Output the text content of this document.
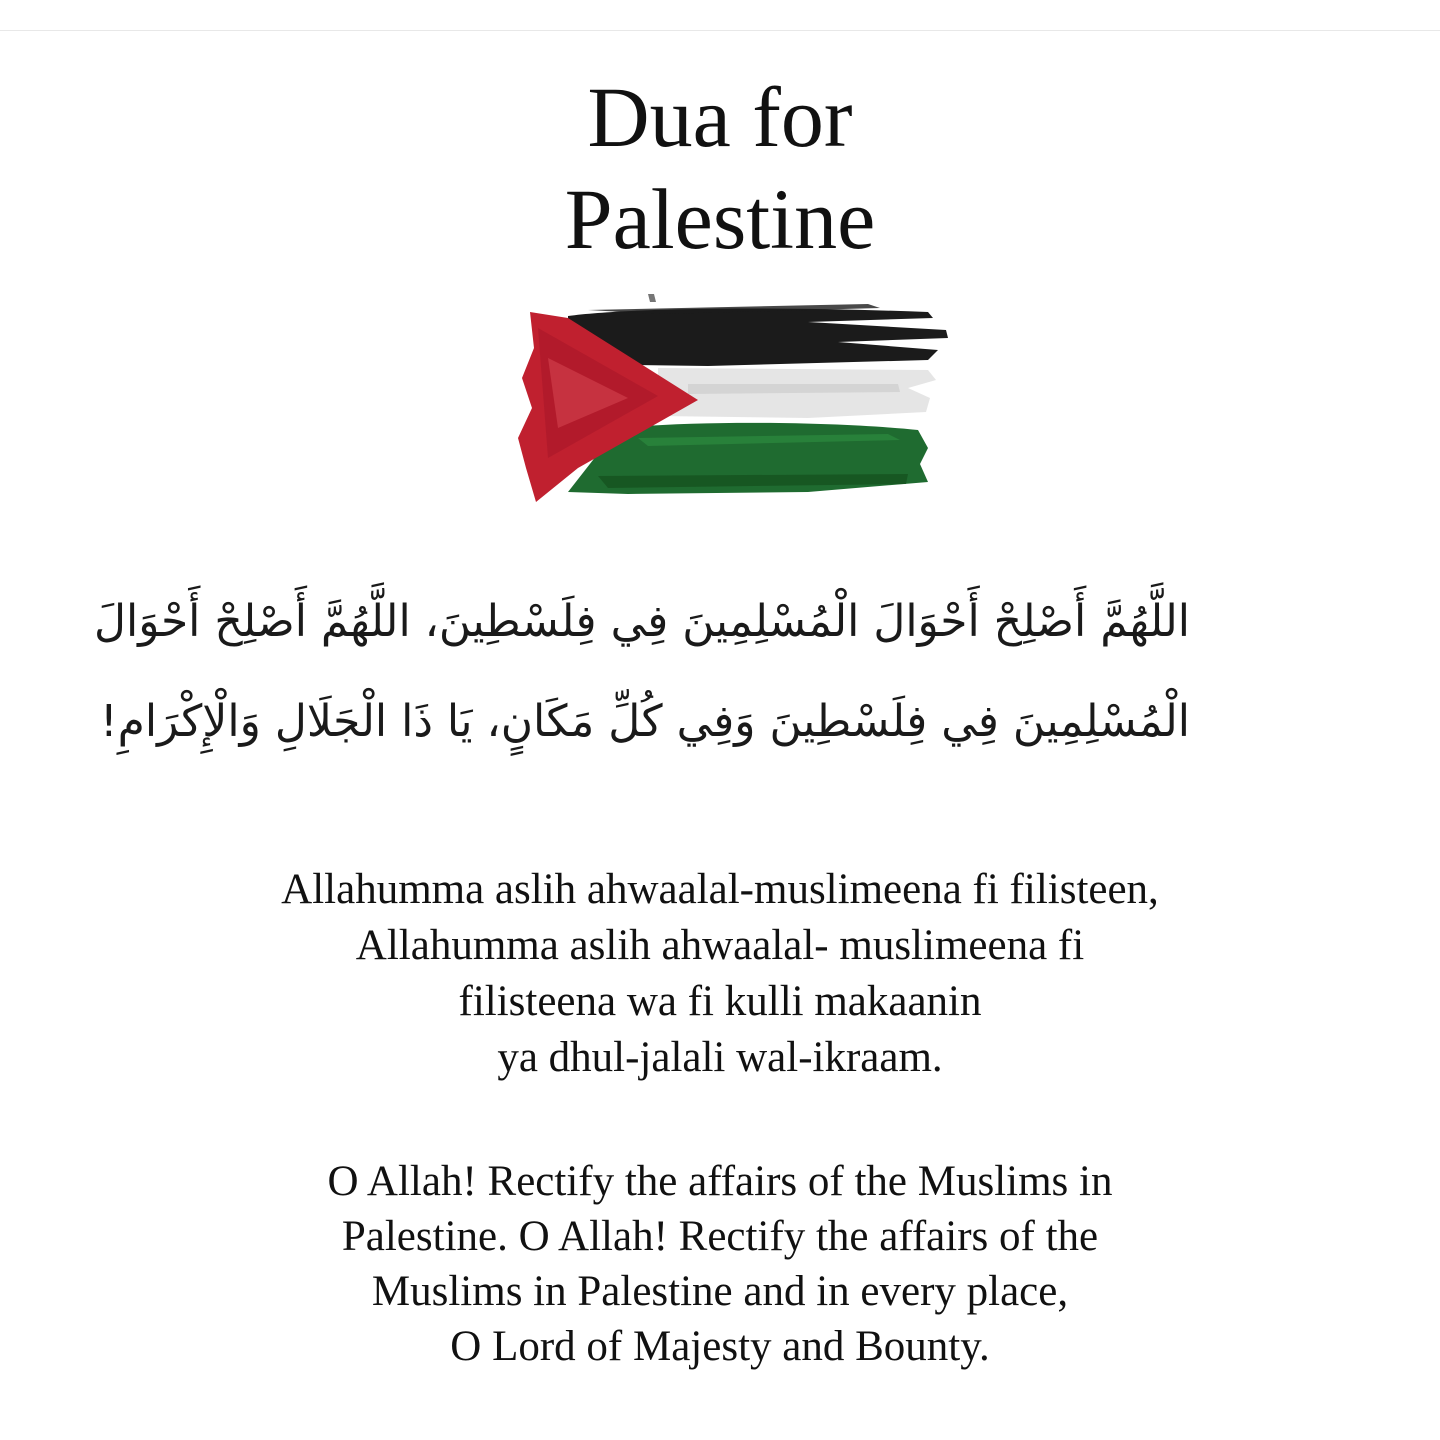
Dua for
Palestine
اللَّهُمَّ أَصْلِحْ أَحْوَالَ الْمُسْلِمِينَ فِي فِلَسْطِينَ، اللَّهُمَّ أَصْلِحْ أَحْوَالَ
الْمُسْلِمِينَ فِي فِلَسْطِينَ وَفِي كُلِّ مَكَانٍ، يَا ذَا الْجَلَالِ وَالْإِكْرَامِ!
Allahumma aslih ahwaalal-muslimeena fi filisteen,
Allahumma aslih ahwaalal- muslimeena fi
filisteena wa fi kulli makaanin
ya dhul-jalali wal-ikraam.
O Allah! Rectify the affairs of the Muslims in
Palestine. O Allah! Rectify the affairs of the
Muslims in Palestine and in every place,
O Lord of Majesty and Bounty.
